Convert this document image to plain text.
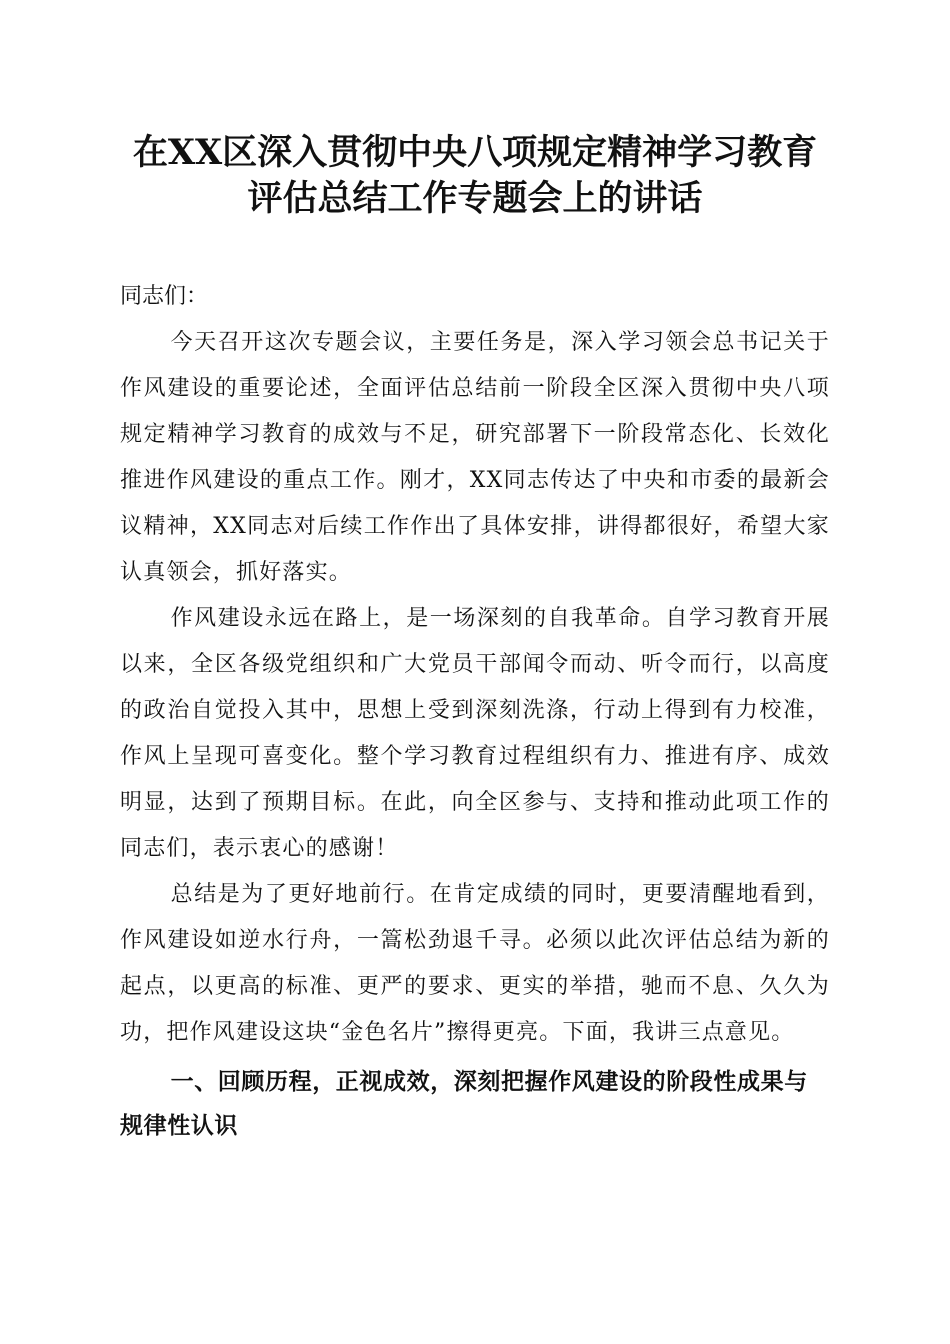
在XX区深入贯彻中央八项规定精神学习教育
评估总结工作专题会上的讲话
同志们：

今天召开这次专题会议，主要任务是，深入学习领会总书记关于作风建设的重要论述，全面评估总结前一阶段全区深入贯彻中央八项规定精神学习教育的成效与不足，研究部署下一阶段常态化、长效化推进作风建设的重点工作。刚才，XX同志传达了中央和市委的最新会议精神，XX同志对后续工作作出了具体安排，讲得都很好，希望大家认真领会，抓好落实。

作风建设永远在路上，是一场深刻的自我革命。自学习教育开展以来，全区各级党组织和广大党员干部闻令而动、听令而行，以高度的政治自觉投入其中，思想上受到深刻洗涤，行动上得到有力校准，作风上呈现可喜变化。整个学习教育过程组织有力、推进有序、成效明显，达到了预期目标。在此，向全区参与、支持和推动此项工作的同志们，表示衷心的感谢！

总结是为了更好地前行。在肯定成绩的同时，更要清醒地看到，作风建设如逆水行舟，一篙松劲退千寻。必须以此次评估总结为新的起点，以更高的标准、更严的要求、更实的举措，驰而不息、久久为功，把作风建设这块“金色名片”擦得更亮。下面，我讲三点意见。

一、回顾历程，正视成效，深刻把握作风建设的阶段性成果与规律性认识
